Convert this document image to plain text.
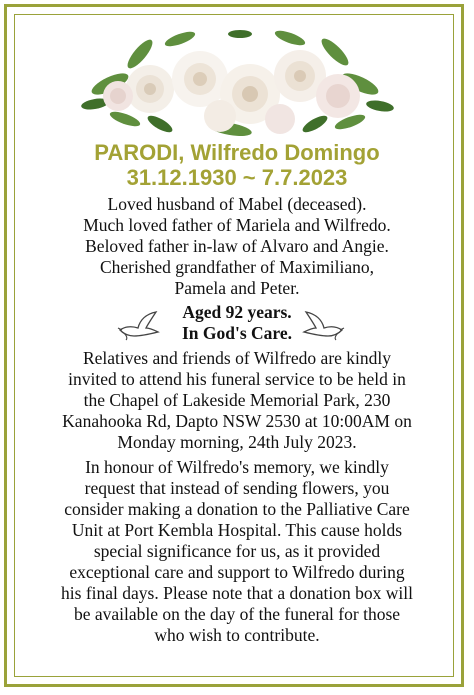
PARODI, Wilfredo Domingo
31.12.1930 ~ 7.7.2023
Loved husband of Mabel (deceased).
Much loved father of Mariela and Wilfredo.
Beloved father in-law of Alvaro and Angie.
Cherished grandfather of Maximiliano,
Pamela and Peter.
Aged 92 years.
In God's Care.
Relatives and friends of Wilfredo are kindly
invited to attend his funeral service to be held in
the Chapel of Lakeside Memorial Park, 230
Kanahooka Rd, Dapto NSW 2530 at 10:00AM on
Monday morning, 24th July 2023.
In honour of Wilfredo's memory, we kindly
request that instead of sending flowers, you
consider making a donation to the Palliative Care
Unit at Port Kembla Hospital. This cause holds
special significance for us, as it provided
exceptional care and support to Wilfredo during
his final days. Please note that a donation box will
be available on the day of the funeral for those
who wish to contribute.
